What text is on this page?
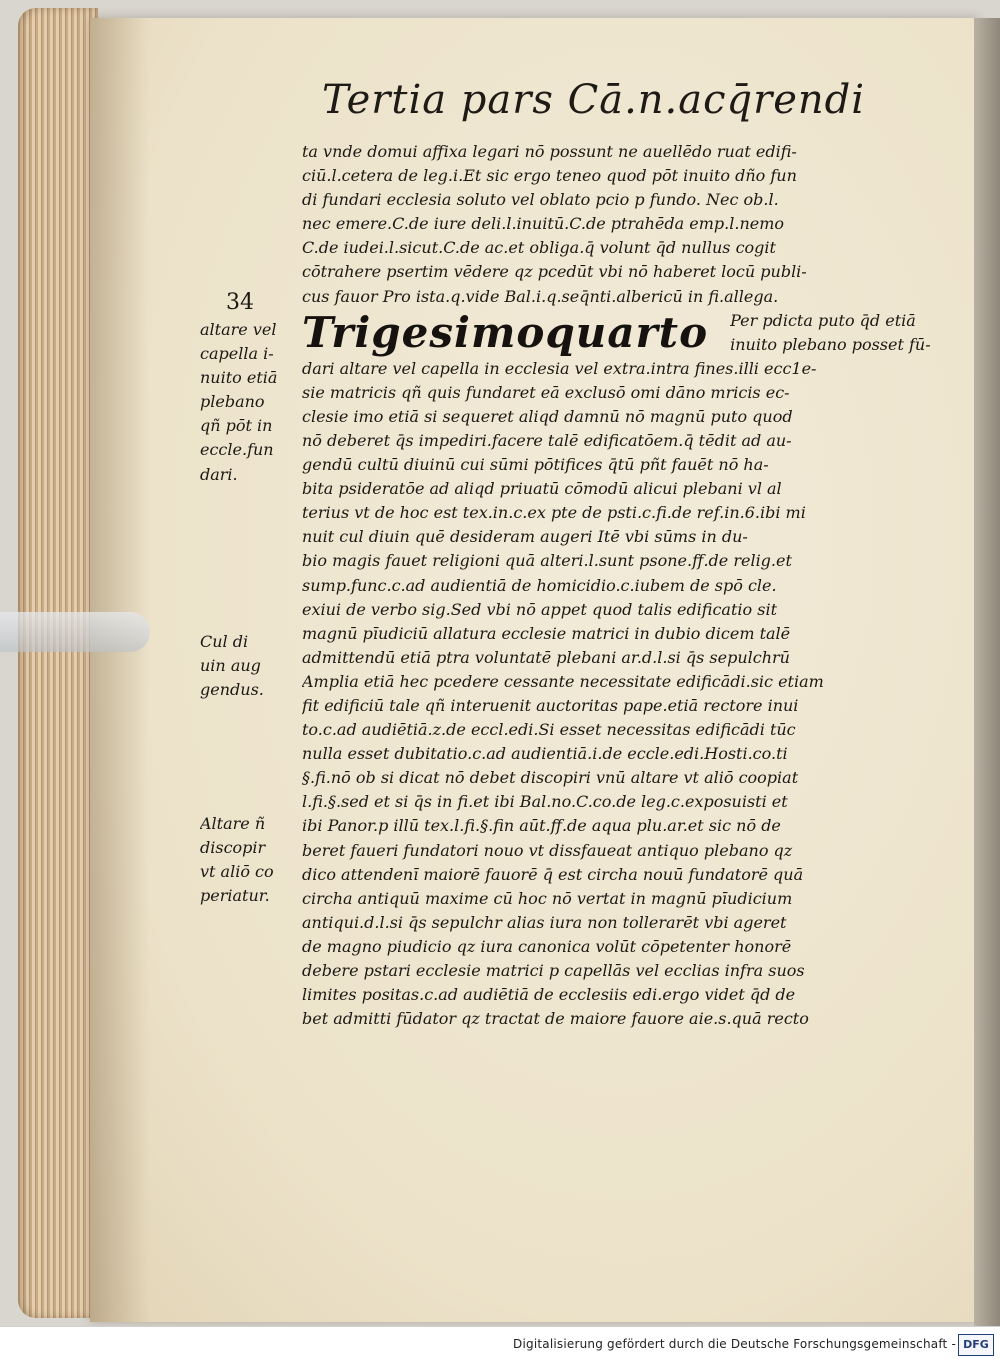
Tertia pars Cā.n.acq̄rendi
34
altare vel
capella i-
nuito etiā
plebano
qñ pōt in
eccle.fun
dari.
Cul di
uin aug
gendus.
Altare ñ
discopir
vt aliō co
periatur.
ta vnde domui affixa legari nō possunt ne auellēdo ruat edifi-
ciū.l.cetera de leg.i.Et sic ergo teneo quod pōt inuito dño fun
di fundari ecclesia soluto vel oblato pcio p fundo. Nec ob.l.
nec emere.C.de iure deli.l.inuitū.C.de ptrahēda emp.l.nemo
C.de iudei.l.sicut.C.de ac.et obliga.q̄ volunt q̄d nullus cogit
cōtrahere psertim vēdere qz pcedūt vbi nō haberet locū publi-
cus fauor Pro ista.q.vide Bal.i.q.seq̄nti.albericū in fi.allega.
Trigesimoquarto Per pdicta puto q̄d etiā
inuito plebano posset fū-
dari altare vel capella in ecclesia vel extra.intra fines.illi ecc1e-
sie matricis qñ quis fundaret eā exclusō omi dāno mricis ec-
clesie imo etiā si sequeret aliqd damnū nō magnū puto quod
nō deberet q̄s impediri.facere talē edificatōem.q̄ tēdit ad au-
gendū cultū diuinū cui sūmi pōtifices q̄tū pñt fauēt nō ha-
bita psideratōe ad aliqd priuatū cōmodū alicui plebani vl al
terius vt de hoc est tex.in.c.ex pte de psti.c.fi.de ref.in.6.ibi mi
nuit cul diuin quē desideram augeri Itē vbi sūms in du-
bio magis fauet religioni quā alteri.l.sunt psone.ff.de relig.et
sump.func.c.ad audientiā de homicidio.c.iubem de spō cle.
exiui de verbo sig.Sed vbi nō appet quod talis edificatio sit
magnū pīudiciū allatura ecclesie matrici in dubio dicem talē
admittendū etiā ptra voluntatē plebani ar.d.l.si q̄s sepulchrū
Amplia etiā hec pcedere cessante necessitate edificādi.sic etiam
fit edificiū tale qñ interuenit auctoritas pape.etiā rectore inui
to.c.ad audiētiā.z.de eccl.edi.Si esset necessitas edificādi tūc
nulla esset dubitatio.c.ad audientiā.i.de eccle.edi.Hosti.co.ti
§.fi.nō ob si dicat nō debet discopiri vnū altare vt aliō coopiat
l.fi.§.sed et si q̄s in fi.et ibi Bal.no.C.co.de leg.c.exposuisti et
ibi Panor.p illū tex.l.fi.§.fin aūt.ff.de aqua plu.ar.et sic nō de
beret faueri fundatori nouo vt dissfaueat antiquo plebano qz
dico attendenī maiorē fauorē q̄ est circha nouū fundatorē quā
circha antiquū maxime cū hoc nō vertat in magnū pīudicium
antiqui.d.l.si q̄s sepulchr alias iura non tollerarēt vbi ageret
de magno piudicio qz iura canonica volūt cōpetenter honorē
debere pstari ecclesie matrici p capellās vel ecclias infra suos
limites positas.c.ad audiētiā de ecclesiis edi.ergo videt q̄d de
bet admitti fūdator qz tractat de maiore fauore aie.s.quā recto
Digitalisierung gefördert durch die Deutsche Forschungsgemeinschaft - DFG
